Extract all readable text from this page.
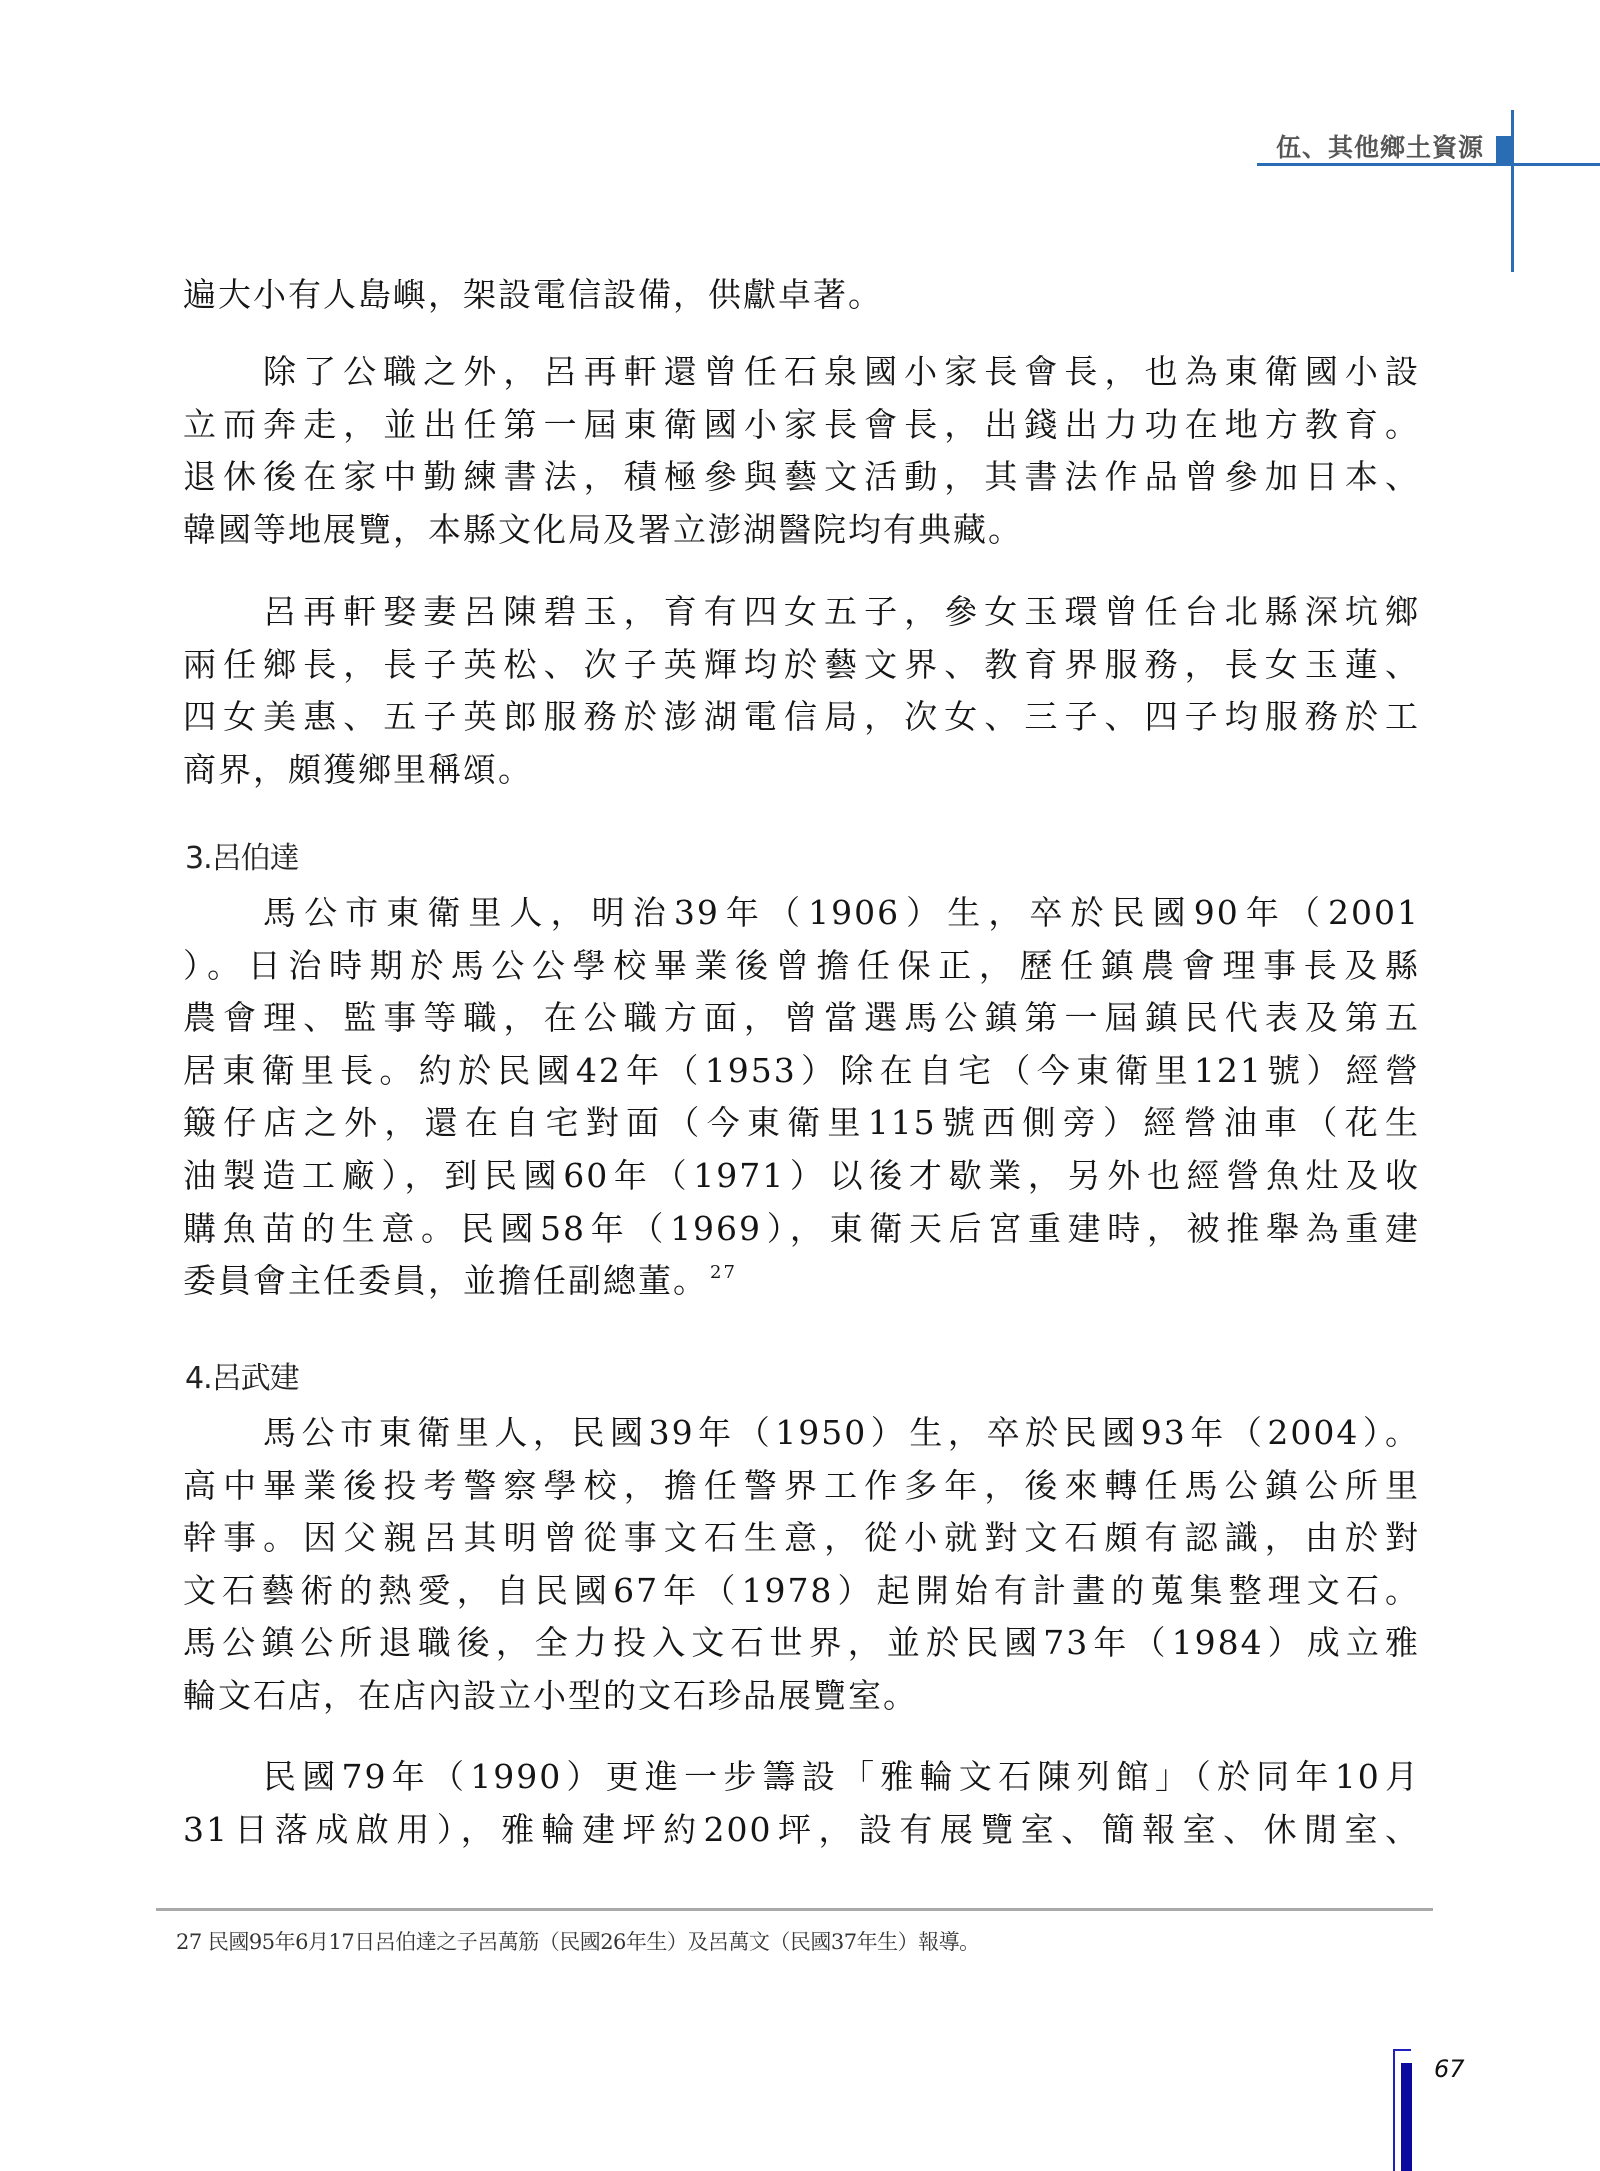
伍、其他鄉土資源
遍大小有人島嶼，架設電信設備，供獻卓著。
除了公職之外，呂再軒還曾任石泉國小家長會長，也為東衛國小設
立而奔走，並出任第一屆東衛國小家長會長，出錢出力功在地方教育。
退休後在家中勤練書法，積極參與藝文活動，其書法作品曾參加日本、
韓國等地展覽，本縣文化局及署立澎湖醫院均有典藏。
呂再軒娶妻呂陳碧玉，育有四女五子，參女玉環曾任台北縣深坑鄉
兩任鄉長，長子英松、次子英輝均於藝文界、教育界服務，長女玉蓮、
四女美惠、五子英郎服務於澎湖電信局，次女、三子、四子均服務於工
商界，頗獲鄉里稱頌。
3.呂伯達
馬公市東衛里人，明治39年（1906）生，卒於民國90年（2001
）。日治時期於馬公公學校畢業後曾擔任保正，歷任鎮農會理事長及縣
農會理、監事等職，在公職方面，曾當選馬公鎮第一屆鎮民代表及第五
居東衛里長。約於民國42年（1953）除在自宅（今東衛里121號）經營
簸仔店之外，還在自宅對面（今東衛里115號西側旁）經營油車（花生
油製造工廠），到民國60年（1971）以後才歇業，另外也經營魚灶及收
購魚苗的生意。民國58年（1969），東衛天后宮重建時，被推舉為重建
委員會主任委員，並擔任副總董。 $^{27}$
4.呂武建
馬公市東衛里人，民國39年（1950）生，卒於民國93年（2004）。
高中畢業後投考警察學校，擔任警界工作多年，後來轉任馬公鎮公所里
幹事。因父親呂其明曾從事文石生意，從小就對文石頗有認識，由於對
文石藝術的熱愛，自民國67年（1978）起開始有計畫的蒐集整理文石。
馬公鎮公所退職後，全力投入文石世界，並於民國73年（1984）成立雅
輪文石店，在店內設立小型的文石珍品展覽室。
民國79年（1990）更進一步籌設「雅輪文石陳列館」（於同年10月
31日落成啟用），雅輪建坪約200坪，設有展覽室、簡報室、休閒室、
27 民國95年6月17日呂伯達之子呂萬筋（民國26年生）及呂萬文（民國37年生）報導。
67
